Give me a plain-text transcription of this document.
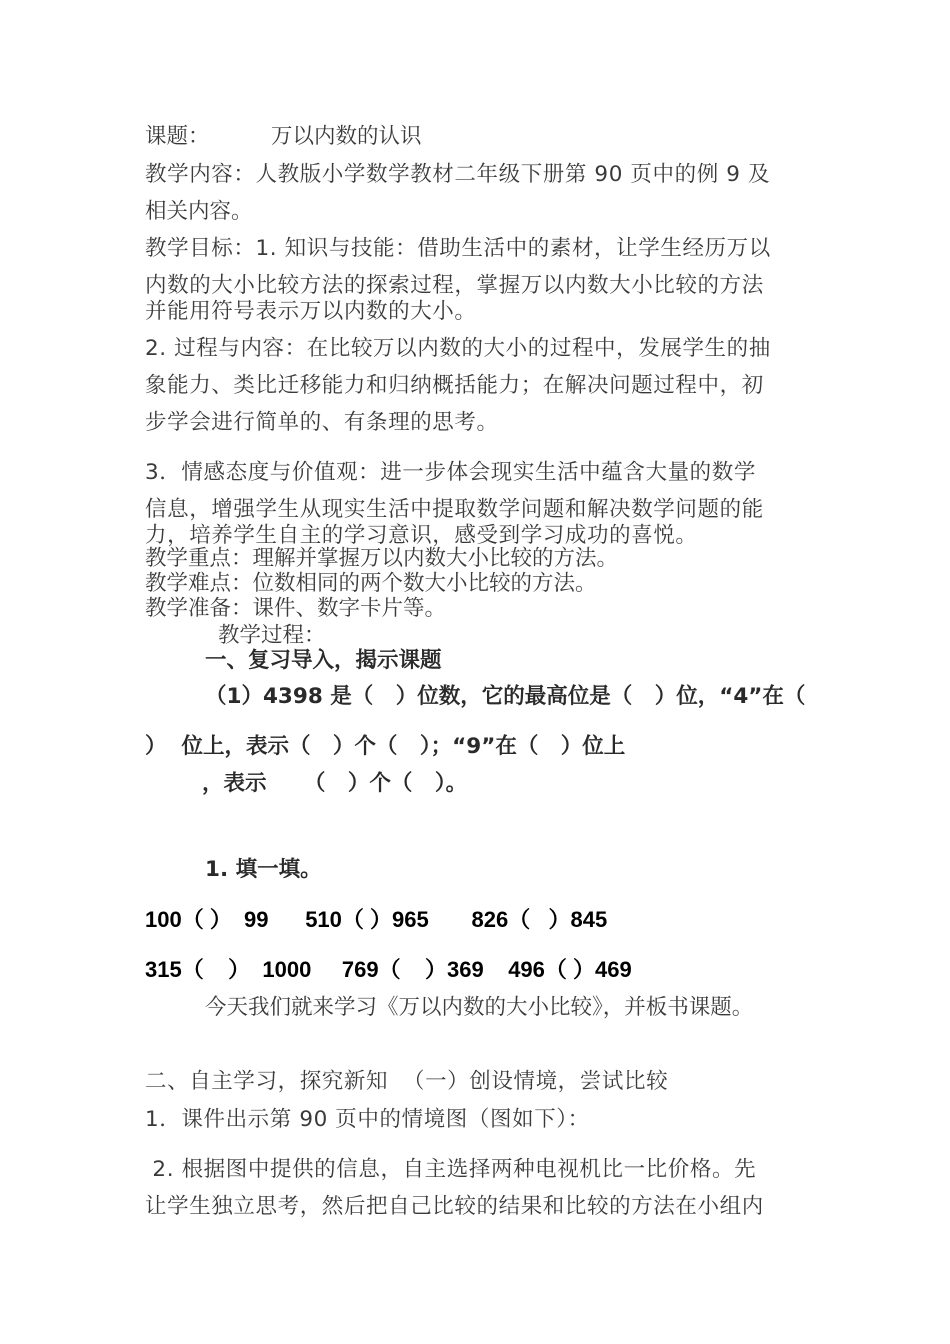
课题：         万以内数的认识
教学内容：人教版小学数学教材二年级下册第 90 页中的例 9 及
相关内容。
教学目标：1. 知识与技能：借助生活中的素材，让学生经历万以
内数的大小比较方法的探索过程，掌握万以内数大小比较的方法
并能用符号表示万以内数的大小。
2. 过程与内容：在比较万以内数的大小的过程中，发展学生的抽
象能力、类比迁移能力和归纳概括能力；在解决问题过程中，初
步学会进行简单的、有条理的思考。
3．情感态度与价值观：进一步体会现实生活中蕴含大量的数学
信息，增强学生从现实生活中提取数学问题和解决数学问题的能
力，培养学生自主的学习意识，感受到学习成功的喜悦。
教学重点：理解并掌握万以内数大小比较的方法。
教学难点：位数相同的两个数大小比较的方法。
教学准备：课件、数字卡片等。
教学过程：
一、复习导入，揭示课题
（1）4398 是（   ）位数，它的最高位是（   ）位，“4”在（
）  位上，表示（   ）个（   ）；“9”在（   ）位上
，表示     （   ）个（   ）。
1. 填一填。
100（ ）  99      510（ ）965       826（   ）845
315（    ）  1000     769（    ）369    496（ ）469
今天我们就来学习《万以内数的大小比较》，并板书课题。
二、自主学习，探究新知  （一）创设情境，尝试比较
1．课件出示第 90 页中的情境图（图如下）：
2. 根据图中提供的信息，自主选择两种电视机比一比价格。先
让学生独立思考，然后把自己比较的结果和比较的方法在小组内
